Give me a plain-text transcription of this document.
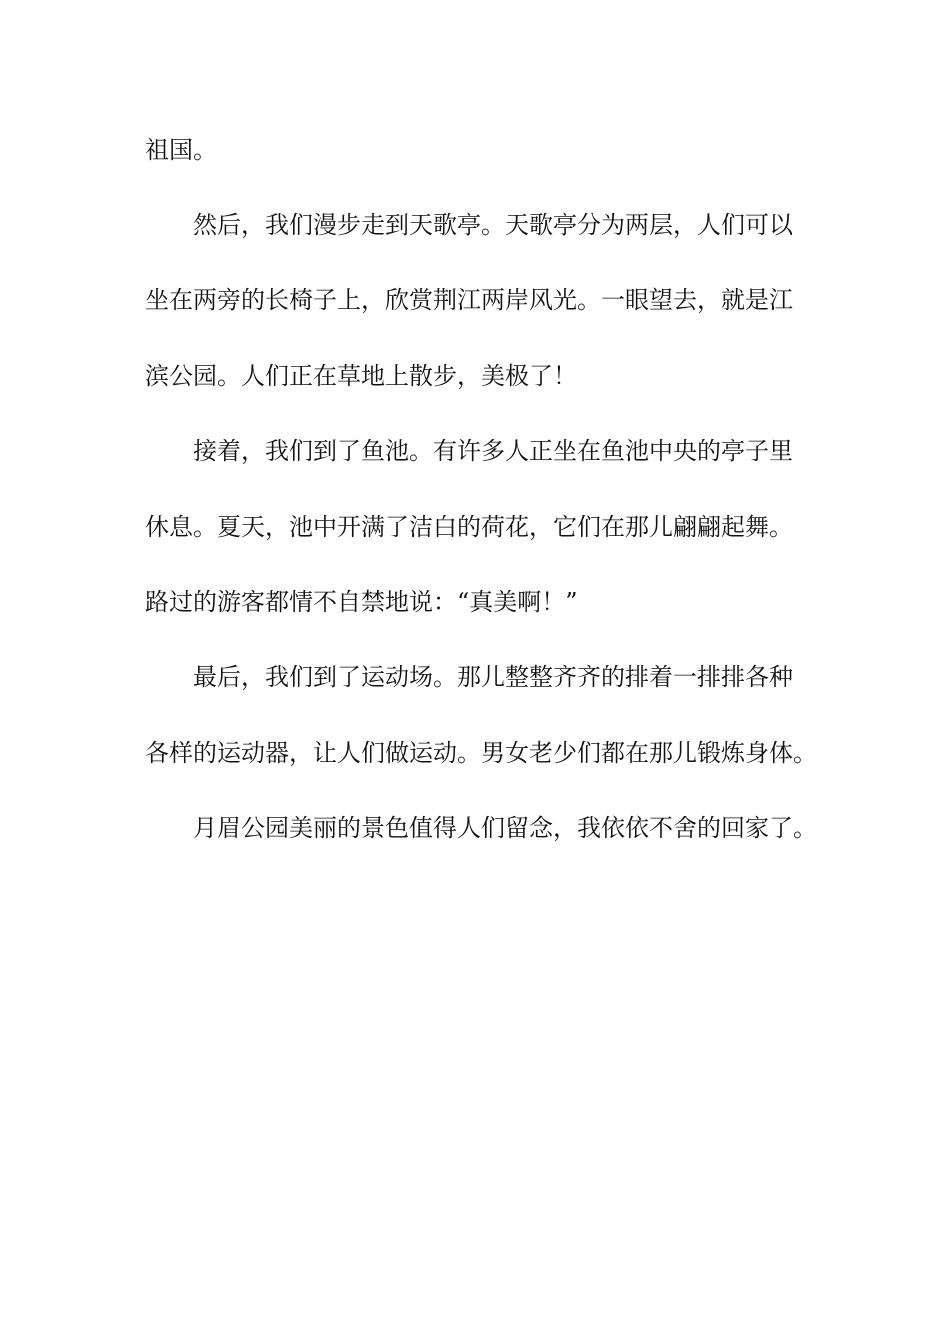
祖国。

然后，我们漫步走到天歌亭。天歌亭分为两层，人们可以

坐在两旁的长椅子上，欣赏荆江两岸风光。一眼望去，就是江

滨公园。人们正在草地上散步，美极了！

接着，我们到了鱼池。有许多人正坐在鱼池中央的亭子里

休息。夏天，池中开满了洁白的荷花，它们在那儿翩翩起舞。

路过的游客都情不自禁地说：“真美啊！”

最后，我们到了运动场。那儿整整齐齐的排着一排排各种

各样的运动器，让人们做运动。男女老少们都在那儿锻炼身体。

月眉公园美丽的景色值得人们留念，我依依不舍的回家了。
